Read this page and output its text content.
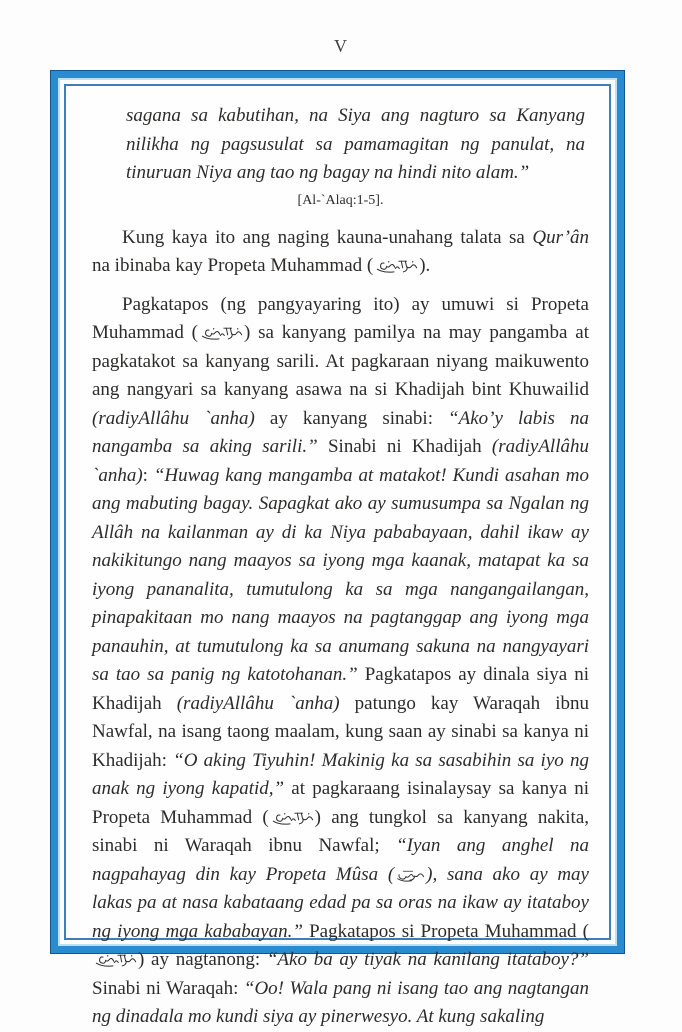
V
sagana sa kabutihan, na Siya ang nagturo sa Kanyang nilikha ng pagsusulat sa pamamagitan ng panulat, na tinuruan Niya ang tao ng bagay na hindi nito alam.”
[Al-`Alaq:1-5].

Kung kaya ito ang naging kauna-unahang talata sa Qur’ân na ibinaba kay Propeta Muhammad ( ).

Pagkatapos (ng pangyayaring ito) ay umuwi si Propeta Muhammad ( ) sa kanyang pamilya na may pangamba at pagkatakot sa kanyang sarili. At pagkaraan niyang maikuwento ang nangyari sa kanyang asawa na si Khadijah bint Khuwailid (radiyAllâhu `anha) ay kanyang sinabi: “Ako’y labis na nangamba sa aking sarili.” Sinabi ni Khadijah (radiyAllâhu `anha): “Huwag kang mangamba at matakot! Kundi asahan mo ang mabuting bagay. Sapagkat ako ay sumusumpa sa Ngalan ng Allâh na kailanman ay di ka Niya pababayaan, dahil ikaw ay nakikitungo nang maayos sa iyong mga kaanak, matapat ka sa iyong pananalita, tumutulong ka sa mga nangangailangan, pinapakitaan mo nang maayos na pagtanggap ang iyong mga panauhin, at tumutulong ka sa anumang sakuna na nangyayari sa tao sa panig ng katotohanan.” Pagkatapos ay dinala siya ni Khadijah (radiyAllâhu `anha) patungo kay Waraqah ibnu Nawfal, na isang taong maalam, kung saan ay sinabi sa kanya ni Khadijah: “O aking Tiyuhin! Makinig ka sa sasabihin sa iyo ng anak ng iyong kapatid,” at pagkaraang isinalaysay sa kanya ni Propeta Muhammad ( ) ang tungkol sa kanyang nakita, sinabi ni Waraqah ibnu Nawfal; “Iyan ang anghel na nagpahayag din kay Propeta Mûsa ( ), sana ako ay may lakas pa at nasa kabataang edad pa sa oras na ikaw ay itataboy ng iyong mga kababayan.” Pagkatapos si Propeta Muhammad () ay nagtanong: “Ako ba ay tiyak na kanilang itataboy?” Sinabi ni Waraqah: “Oo! Wala pang ni isang tao ang nagtangan ng dinadala mo kundi siya ay pinerwesyo. At kung sakaling
